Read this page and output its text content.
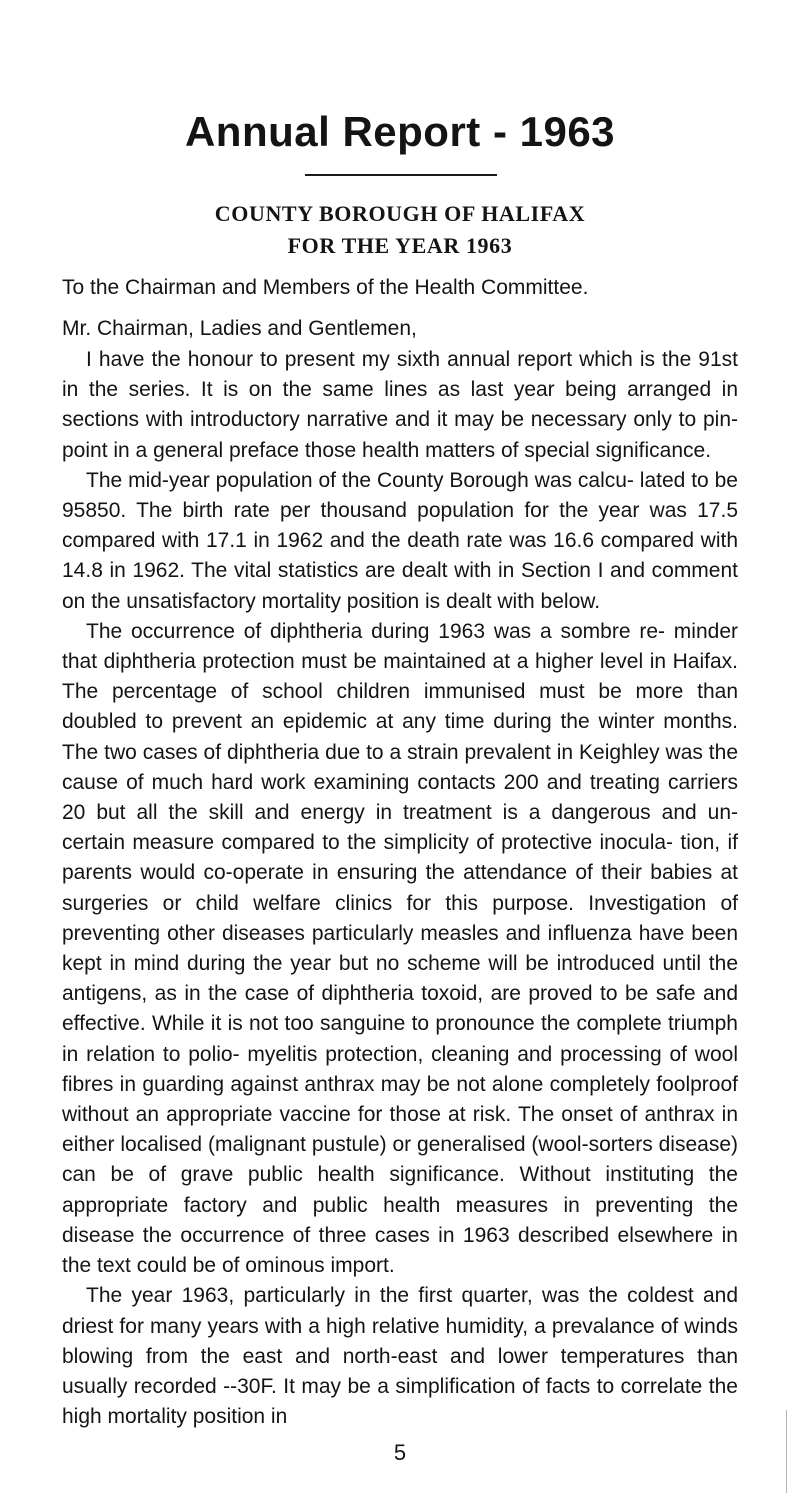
Annual Report - 1963
COUNTY BOROUGH OF HALIFAX
FOR THE YEAR 1963
To the Chairman and Members of the Health Committee.
Mr. Chairman, Ladies and Gentlemen,

I have the honour to present my sixth annual report which is the 91st in the series. It is on the same lines as last year being arranged in sections with introductory narrative and it may be necessary only to pin-point in a general preface those health matters of special significance.

The mid-year population of the County Borough was calcu- lated to be 95850. The birth rate per thousand population for the year was 17.5 compared with 17.1 in 1962 and the death rate was 16.6 compared with 14.8 in 1962. The vital statistics are dealt with in Section I and comment on the unsatisfactory mortality position is dealt with below.

The occurrence of diphtheria during 1963 was a sombre re- minder that diphtheria protection must be maintained at a higher level in Haifax. The percentage of school children immunised must be more than doubled to prevent an epidemic at any time during the winter months. The two cases of diphtheria due to a strain prevalent in Keighley was the cause of much hard work examining contacts 200 and treating carriers 20 but all the skill and energy in treatment is a dangerous and un- certain measure compared to the simplicity of protective inocula- tion, if parents would co-operate in ensuring the attendance of their babies at surgeries or child welfare clinics for this purpose. Investigation of preventing other diseases particularly measles and influenza have been kept in mind during the year but no scheme will be introduced until the antigens, as in the case of diphtheria toxoid, are proved to be safe and effective. While it is not too sanguine to pronounce the complete triumph in relation to polio- myelitis protection, cleaning and processing of wool fibres in guarding against anthrax may be not alone completely foolproof without an appropriate vaccine for those at risk. The onset of anthrax in either localised (malignant pustule) or generalised (wool-sorters disease) can be of grave public health significance. Without instituting the appropriate factory and public health measures in preventing the disease the occurrence of three cases in 1963 described elsewhere in the text could be of ominous import.

The year 1963, particularly in the first quarter, was the coldest and driest for many years with a high relative humidity, a prevalance of winds blowing from the east and north-east and lower temperatures than usually recorded --30F. It may be a simplification of facts to correlate the high mortality position in

5
